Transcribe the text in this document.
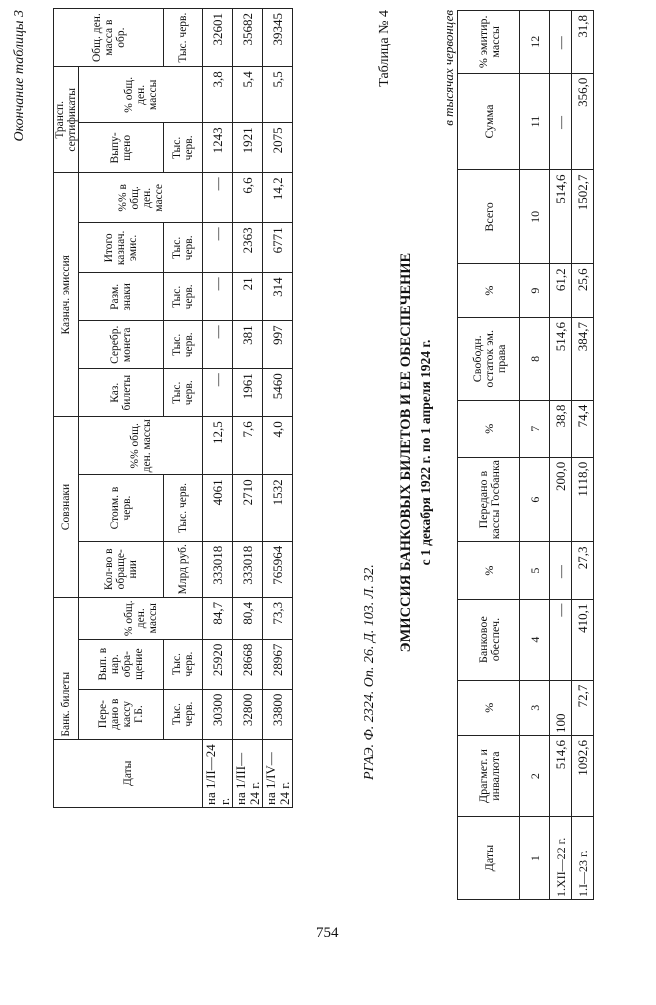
Окончание таблицы 3
Даты	Банк. билеты			Совзнаки			Казнач. эмиссия					Трансп. сертификаты		Общ. ден. масса в обр.
	Пере-дано в кассу Г.Б.	Вып. в нар. обра-щение	% общ. ден. массы	Кол-во в обраще-нии	Стоим. в черв.	%% общ. ден. массы	Каз. билеты	Серебр. монета	Разм. знаки	Итого казнач. эмис.	%% в общ. ден. массе	Выпу-щено	% общ. ден. массы	
	Тыс. черв.	Тыс. черв.		Млрд руб.	Тыс. черв.		Тыс. черв.	Тыс. черв.	Тыс. черв.	Тыс. черв.		Тыс. черв.		Тыс. черв.
на 1/II—24 г.	30300	25920	84,7	333018	4061	12,5	—	—	—	—	—	1243	3,8	32601
на 1/III—24 г.	32800	28668	80,4	333018	2710	7,6	1961	381	21	2363	6,6	1921	5,4	35682
на 1/IV—24 г.	33800	28967	73,3	765964	1532	4,0	5460	997	314	6771	14,2	2075	5,5	39345
РГАЭ. Ф. 2324. Оп. 26. Д. 103. Л. 32.
Таблица № 4
ЭМИССИЯ БАНКОВЫХ БИЛЕТОВ И ЕЕ ОБЕСПЕЧЕНИЕ с 1 декабря 1922 г. по 1 апреля 1924 г.
в тысячах червонцев
Даты	Драгмет. и инвалюта	%	Банковое обеспеч.	%	Передано в кассы Госбанка	%	Свободн. остаток эм. права	%	Всего	Сумма	% эмитир. массы
1	2	3	4	5	6	7	8	9	10	11	12
1.XII—22 г.	514,6	100	—	—	200,0	38,8	514,6	61,2	514,6	—	—
1.I—23 г.	1092,6	72,7	410,1	27,3	1118,0	74,4	384,7	25,6	1502,7	356,0	31,8
754
